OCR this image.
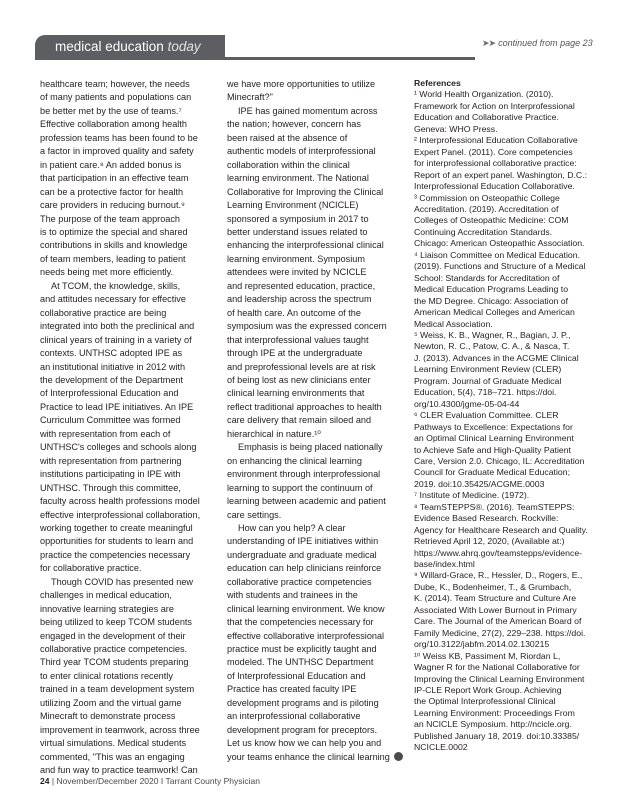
medical education today	➤➤ continued from page 23

healthcare team; however, the needs

of many patients and populations can

be better met by the use of teams.⁷

Effective collaboration among health

profession teams has been found to be

a factor in improved quality and safety

in patient care.⁸ An added bonus is

that participation in an effective team

can be a protective factor for health

care providers in reducing burnout.⁹

The purpose of the team approach

is to optimize the special and shared

contributions in skills and knowledge

of team members, leading to patient

needs being met more efficiently.

At TCOM, the knowledge, skills,

and attitudes necessary for effective

collaborative practice are being

integrated into both the preclinical and

clinical years of training in a variety of

contexts. UNTHSC adopted IPE as

an institutional initiative in 2012 with

the development of the Department

of Interprofessional Education and

Practice to lead IPE initiatives. An IPE

Curriculum Committee was formed

with representation from each of

UNTHSC's colleges and schools along

with representation from partnering

institutions participating in IPE with

UNTHSC. Through this committee,

faculty across health professions model

effective interprofessional collaboration,

working together to create meaningful

opportunities for students to learn and

practice the competencies necessary

for collaborative practice.

Though COVID has presented new

challenges in medical education,

innovative learning strategies are

being utilized to keep TCOM students

engaged in the development of their

collaborative practice competencies.

Third year TCOM students preparing

to enter clinical rotations recently

trained in a team development system

utilizing Zoom and the virtual game

Minecraft to demonstrate process

improvement in teamwork, across three

virtual simulations. Medical students

commented, "This was an engaging

and fun way to practice teamwork! Can

we have more opportunities to utilize

Minecraft?"

IPE has gained momentum across

the nation; however, concern has

been raised at the absence of

authentic models of interprofessional

collaboration within the clinical

learning environment. The National

Collaborative for Improving the Clinical

Learning Environment (NCICLE)

sponsored a symposium in 2017 to

better understand issues related to

enhancing the interprofessional clinical

learning environment. Symposium

attendees were invited by NCICLE

and represented education, practice,

and leadership across the spectrum

of health care. An outcome of the

symposium was the expressed concern

that interprofessional values taught

through IPE at the undergraduate

and preprofessional levels are at risk

of being lost as new clinicians enter

clinical learning environments that

reflect traditional approaches to health

care delivery that remain siloed and

hierarchical in nature.¹⁰

Emphasis is being placed nationally

on enhancing the clinical learning

environment through interprofessional

learning to support the continuum of

learning between academic and patient

care settings.

How can you help? A clear

understanding of IPE initiatives within

undergraduate and graduate medical

education can help clinicians reinforce

collaborative practice competencies

with students and trainees in the

clinical learning environment. We know

that the competencies necessary for

effective collaborative interprofessional

practice must be explicitly taught and

modeled. The UNTHSC Department

of Interprofessional Education and

Practice has created faculty IPE

development programs and is piloting

an interprofessional collaborative

development program for preceptors.

Let us know how we can help you and

your teams enhance the clinical learning

References

¹ World Health Organization. (2010).

Framework for Action on Interprofessional

Education and Collaborative Practice.

Geneva: WHO Press.

² Interprofessional Education Collaborative

Expert Panel. (2011). Core competencies

for interprofessional collaborative practice:

Report of an expert panel. Washington, D.C.:

Interprofessional Education Collaborative.

³ Commission on Osteopathic College

Accreditation. (2019). Accreditation of

Colleges of Osteopathic Medicine: COM

Continuing Accreditation Standards.

Chicago: American Osteopathic Association.

⁴ Liaison Committee on Medical Education.

(2019). Functions and Structure of a Medical

School: Standards for Accreditation of

Medical Education Programs Leading to

the MD Degree. Chicago: Association of

American Medical Colleges and American

Medical Association.

⁵ Weiss, K. B., Wagner, R., Bagian, J. P.,

Newton, R. C., Patow, C. A., & Nasca, T.

J. (2013). Advances in the ACGME Clinical

Learning Environment Review (CLER)

Program. Journal of Graduate Medical

Education, 5(4), 718–721. https://doi.

org/10.4300/jgme-05-04-44

⁶ CLER Evaluation Committee. CLER

Pathways to Excellence: Expectations for

an Optimal Clinical Learning Environment

to Achieve Safe and High-Quality Patient

Care, Version 2.0. Chicago, IL: Accreditation

Council for Graduate Medical Education;

2019. doi:10.35425/ACGME.0003

⁷ Institute of Medicine. (1972).

⁸ TeamSTEPPS®. (2016). TeamSTEPPS:

Evidence Based Research. Rockville:

Agency for Healthcare Research and Quality.

Retrieved April 12, 2020, (Available at:)

https://www.ahrq.gov/teamstepps/evidence-

base/index.html

⁹ Willard-Grace, R., Hessler, D., Rogers, E.,

Dube, K., Bodenheimer, T., & Grumbach,

K. (2014). Team Structure and Culture Are

Associated With Lower Burnout in Primary

Care. The Journal of the American Board of

Family Medicine, 27(2), 229–238. https://doi.

org/10.3122/jabfm.2014.02.130215

¹⁰ Weiss KB, Passiment M, Riordan L,

Wagner R for the National Collaborative for

Improving the Clinical Learning Environment

IP-CLE Report Work Group. Achieving

the Optimal Interprofessional Clinical

Learning Environment: Proceedings From

an NCICLE Symposium. http://ncicle.org.

Published January 18, 2019. doi:10.33385/

NCICLE.0002

24 | November/December 2020 I Tarrant County Physician
